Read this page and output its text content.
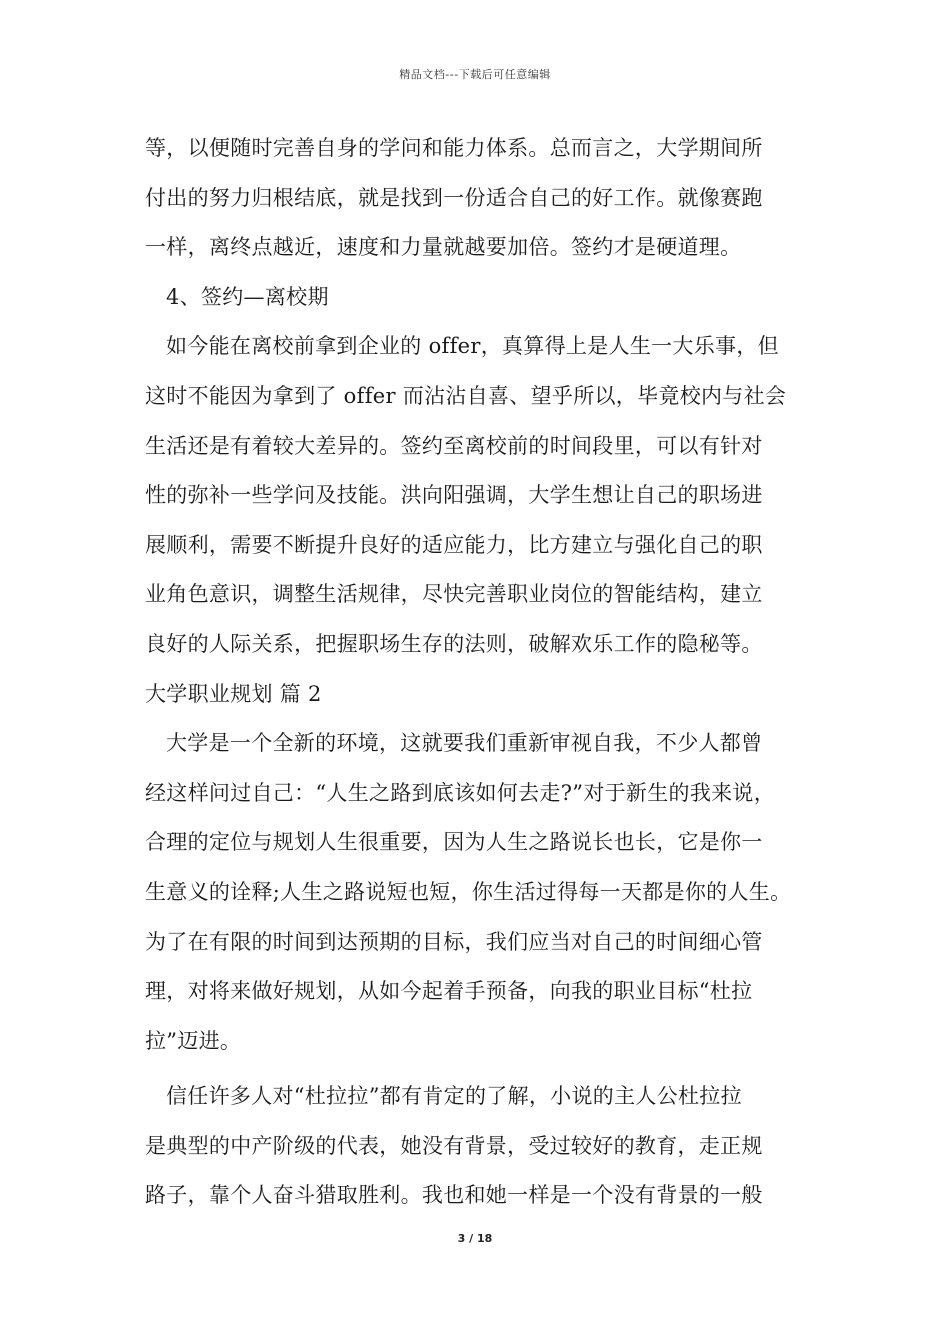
精品文档---下载后可任意编辑
等，以便随时完善自身的学问和能力体系。总而言之，大学期间所
付出的努力归根结底，就是找到一份适合自己的好工作。就像赛跑
一样，离终点越近，速度和力量就越要加倍。签约才是硬道理。
4、签约—离校期
如今能在离校前拿到企业的 offer，真算得上是人生一大乐事，但
这时不能因为拿到了 offer 而沾沾自喜、望乎所以，毕竟校内与社会
生活还是有着较大差异的。签约至离校前的时间段里，可以有针对
性的弥补一些学问及技能。洪向阳强调，大学生想让自己的职场进
展顺利，需要不断提升良好的适应能力，比方建立与强化自己的职
业角色意识，调整生活规律，尽快完善职业岗位的智能结构，建立
良好的人际关系，把握职场生存的法则，破解欢乐工作的隐秘等。
大学职业规划 篇 2
大学是一个全新的环境，这就要我们重新审视自我，不少人都曾
经这样问过自己：“人生之路到底该如何去走?”对于新生的我来说，
合理的定位与规划人生很重要，因为人生之路说长也长，它是你一
生意义的诠释;人生之路说短也短，你生活过得每一天都是你的人生。
为了在有限的时间到达预期的目标，我们应当对自己的时间细心管
理，对将来做好规划，从如今起着手预备，向我的职业目标“杜拉
拉”迈进。
信任许多人对“杜拉拉”都有肯定的了解，小说的主人公杜拉拉
是典型的中产阶级的代表，她没有背景，受过较好的教育，走正规
路子，靠个人奋斗猎取胜利。我也和她一样是一个没有背景的一般
3 / 18
